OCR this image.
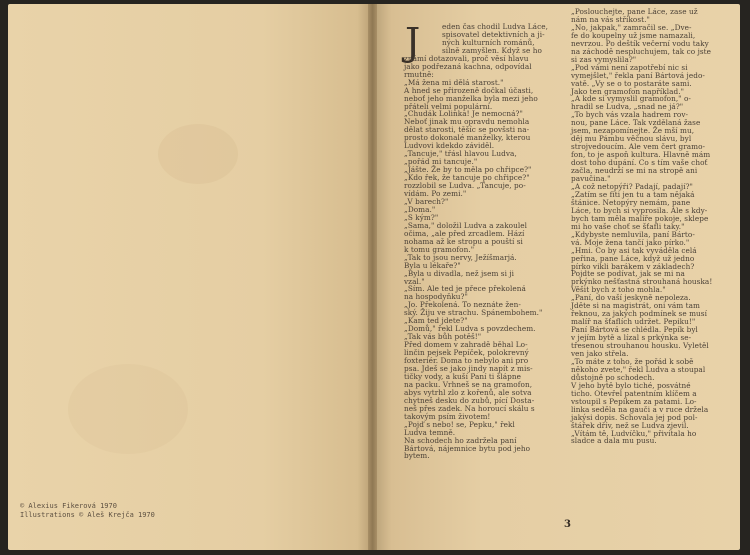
© Alexius Fikerová 1970
Illustrations © Aleš Krejča 1970
J	eden čas chodil Ludva Láce,

spisovatel detektivních a ji-

ných kulturních románů,

silně zamyšlen. Když se ho

známí dotazovali, proč věsí hlavu

jako podřezaná kachna, odpovídal

rmutně:

„Má žena mi dělá starost."

A hned se přirozeně dočkal účasti,

neboť jeho manželka byla mezi jeho

přáteli velmi populární.

„Chudák Lolinka! Je nemocná?"

Neboť jinak mu opravdu nemohla

dělat starosti, těšíc se povšsti na-

prosto dokonalé manželky, kterou

Ludvovi kdekdo záviděl.

„Tancuje," třásl hlavou Ludva,

„pořád mi tancuje."

„Jášte. Že by to měla po chřipce?"

„Kdo řek, že tancuje po chřipce?"

rozzlobil se Ludva. „Tancuje, po-

vídám. Po zemi."

„V barech?"

„Doma."

„S kým?"

„Sama," doložil Ludva a zakoulel

očima, „ale před zrcadlem. Hází

nohama až ke stropu a pouští si

k tomu gramofon."

„Tak to jsou nervy, Ježíšmarjá.

Byla u lékaře?"

„Byla u divadla, než jsem si ji

vzal."

„Sím. Ale ted je přece překolená

na hospodyňku?"

„Jo. Překolená. To neznáte žen-

ský. Žiju ve strachu. Spánembohem."

„Kam ted jdete?"

„Domů," řekl Ludva s povzdechem.

„Tak vás bůh potěš!"

Před domem v zahradě běhal Lo-

linčin pejsek Pepíček, polokrevný

foxteriér. Doma to nebylo ani pro

psa. Jdeš se jako jindy napít z mis-

tičky vody, a kuší Paní ti šlápne

na packu. Vrhneš se na gramofon,

abys vytrhl zlo z kořenů, ale sotva

chytneš desku do zubů, pící Dosta-

neš přes zadek. Na horoucí skálu s

takovým psím životem!

„Pojď s nebo! se, Pepku," řekl

Ludva temně.

Na schodech ho zadržela paní

Bártová, nájemnice bytu pod jeho

bytem.

„Poslouchejte, pane Láce, zase už

nám na vás stříkost."

„No, jakpak," zamračil se. „Dve-

fe do koupelny už jsme namazali,

nevrzou. Po deštík večerní vodu taky

na záchodě nespluchujem, tak co jste

si zas vymyslila?"

„Pod vámi není zapotřebí nic si

vymejšlet," řekla paní Bártová jedo-

vatě. „Vy se o to postaráte sami.

Jako ten gramofon například."

„A kde si vymyslil gramofon," o-

hradil se Ludva, „snad ne já?"

„To bych vás vzala hadrem rov-

nou, pane Láce. Tak vzdělaná žase

jsem, nezapomínejte. Že mší mu,

děj mu Pámbu věčnou slávu, byl

strojvedoucím. Ale vem čert gramo-

fon, to je aspoň kultura. Hlavně mám

dost toho dupání. Co s tím vaše choť

začla, neudrží se mi na stropě ani

pavučina."

„A což netopýři? Padají, padají?"

„Zatím se fíti jen tu a tam nějaká

štánice. Netopýry nemám, pane

Láce, to bych si vyprosila. Ale s kdy-

bych tam měla malíře pokoje, sklepe

mi ho vaše choť se šťafli taky."

„Kdybyste nemluvila, paní Bárto-

vá. Moje žena tančí jako pírko."

„Hmi. Co by asi tak vyváděla celá

peřina, pane Láce, když už jedno

pírko vikli barákem v základech?

Pojdte se podívat, jak se mi na

prkýnko nešťastná strouhaná houska!

Věšit bych z toho mohla."

„Paní, do vaší jeskyně nepoleza.

Jděte si na magistrát, oni vám tam

řeknou, za jakých podmínek se musí

malíř na šťaflích udržet. Pepiku!"

Paní Bártová se chlédla. Pepík byl

v jejím bytě a lízal s prkýnka se-

třesenou strouhanou housku. Vyletěl

ven jako střela.

„To máte z toho, že pořád k sobě

někoho zvete," řekl Ludva a stoupal

důstojně po schodech.

V jeho bytě bylo tiché, posvátné

ticho. Otevřel patentním klíčem a

vstoupil s Pepíkem za patami. Lo-

linka seděla na gauči a v ruce držela

jakýsi dopis. Schovala jej pod pol-

štářek dřív, než se Ludva zjevil.

„Vítám tě, Ludvíčku," přivítala ho

sladce a dala mu pusu.

3
